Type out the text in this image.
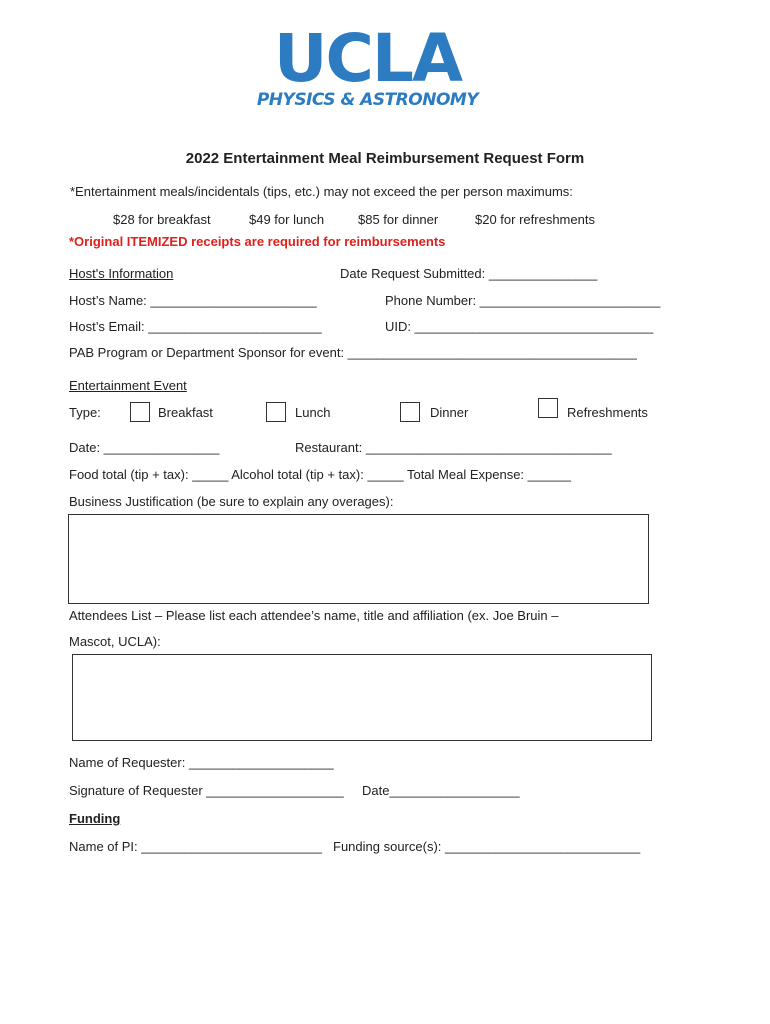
UCLA
PHYSICS & ASTRONOMY
2022 Entertainment Meal Reimbursement Request Form
*Entertainment meals/incidentals (tips, etc.) may not exceed the per person maximums:
$28 for breakfast	$49 for lunch	$85 for dinner	$20 for refreshments
*Original ITEMIZED receipts are required for reimbursements
Host's Information	Date Request Submitted: _______________
Host’s Name: _______________________	Phone Number: _________________________
Host’s Email: ________________________	UID: _________________________________
PAB Program or Department Sponsor for event: ________________________________________
Entertainment Event
Type:	Breakfast	Lunch	Dinner	Refreshments
Date: ________________	Restaurant: __________________________________
Food total (tip + tax): _____ Alcohol total (tip + tax): _____ Total Meal Expense: ______
Business Justification (be sure to explain any overages):
Attendees List – Please list each attendee’s name, title and affiliation (ex. Joe Bruin –
Mascot, UCLA):
Name of Requester: ____________________
Signature of Requester ___________________ Date__________________
Funding
Name of PI: _________________________ Funding source(s): ___________________________
